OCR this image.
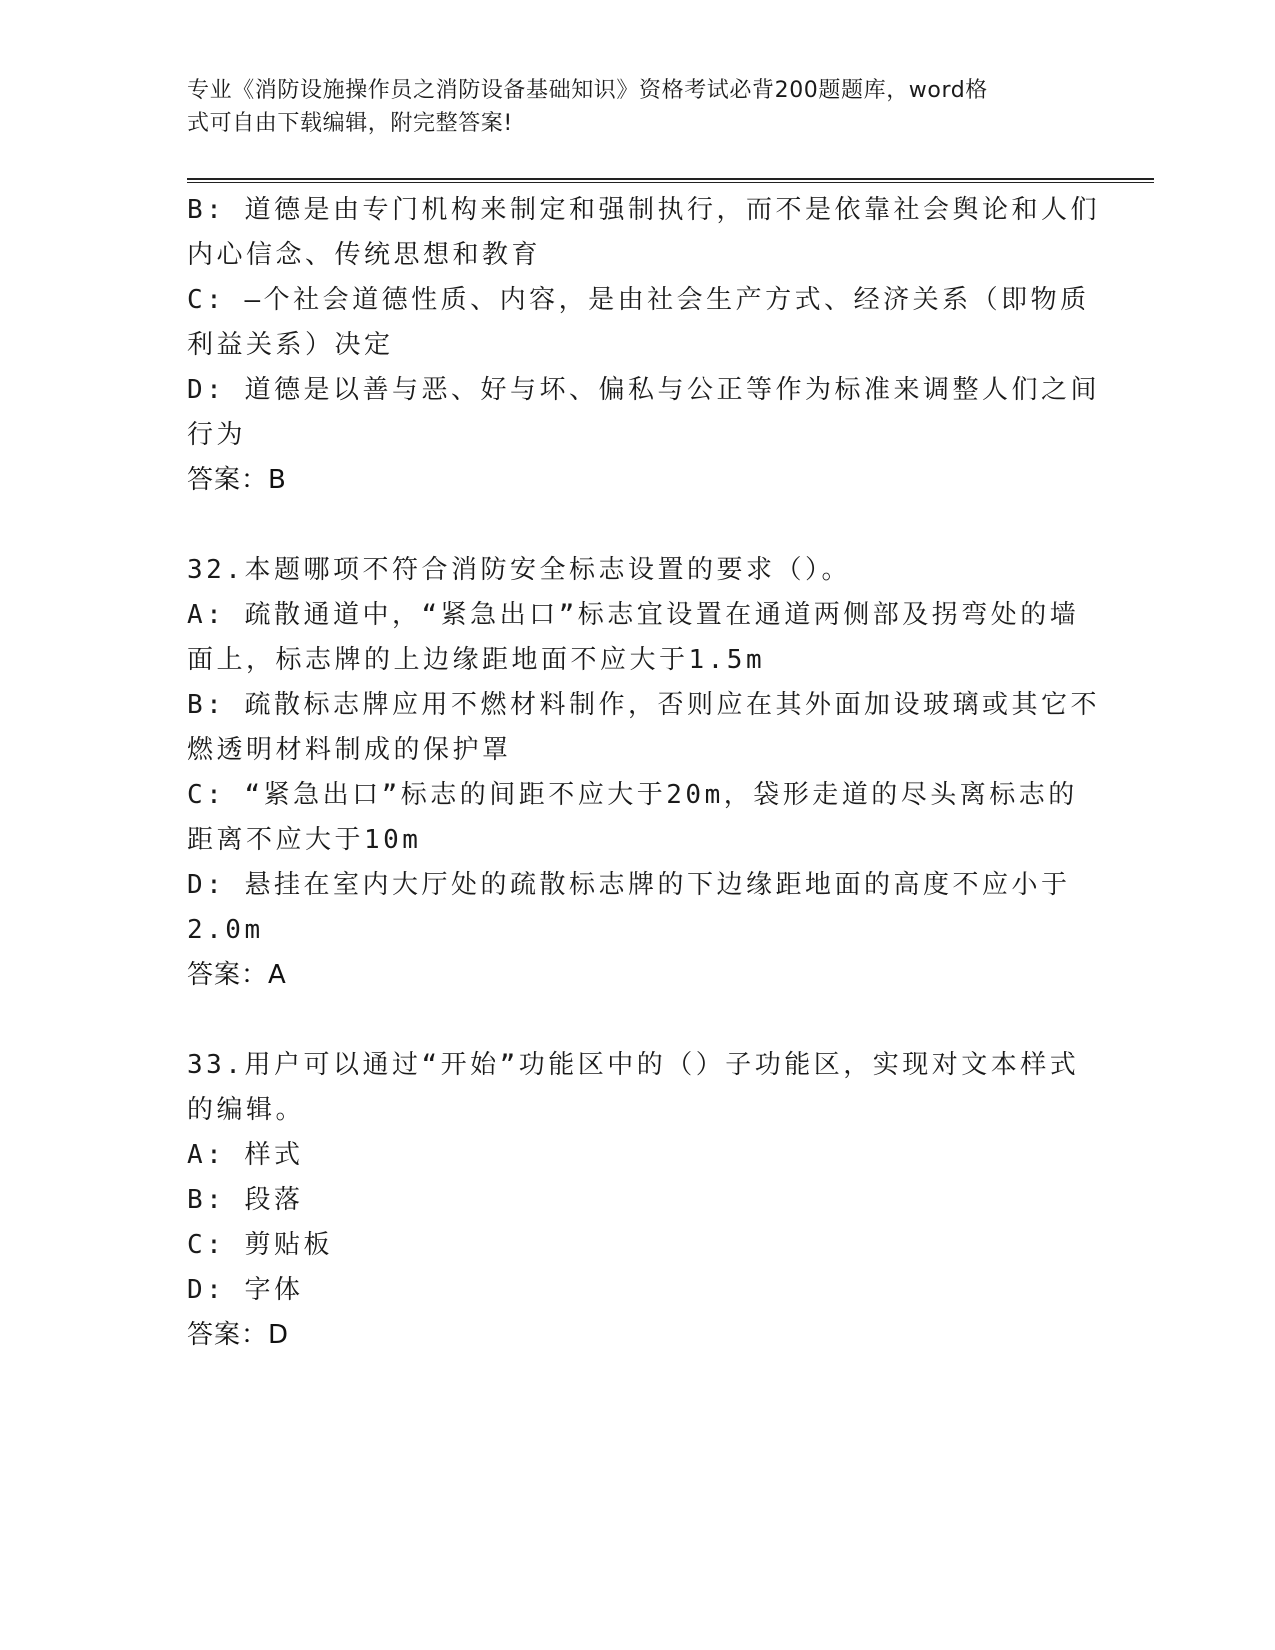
专业《消防设施操作员之消防设备基础知识》资格考试必背200题题库，word格
式可自由下载编辑，附完整答案!
B: 道德是由专门机构来制定和强制执行，而不是依靠社会舆论和人们
内心信念、传统思想和教育
C: —个社会道德性质、内容，是由社会生产方式、经济关系（即物质
利益关系）决定
D: 道德是以善与恶、好与坏、偏私与公正等作为标准来调整人们之间
行为
答案：B
32.本题哪项不符合消防安全标志设置的要求（）。
A: 疏散通道中，“紧急出口”标志宜设置在通道两侧部及拐弯处的墙
面上，标志牌的上边缘距地面不应大于1.5m
B: 疏散标志牌应用不燃材料制作，否则应在其外面加设玻璃或其它不
燃透明材料制成的保护罩
C: “紧急出口”标志的间距不应大于20m，袋形走道的尽头离标志的
距离不应大于10m
D: 悬挂在室内大厅处的疏散标志牌的下边缘距地面的高度不应小于
2.0m
答案：A
33.用户可以通过“开始”功能区中的（）子功能区，实现对文本样式
的编辑。
A: 样式
B: 段落
C: 剪贴板
D: 字体
答案：D
